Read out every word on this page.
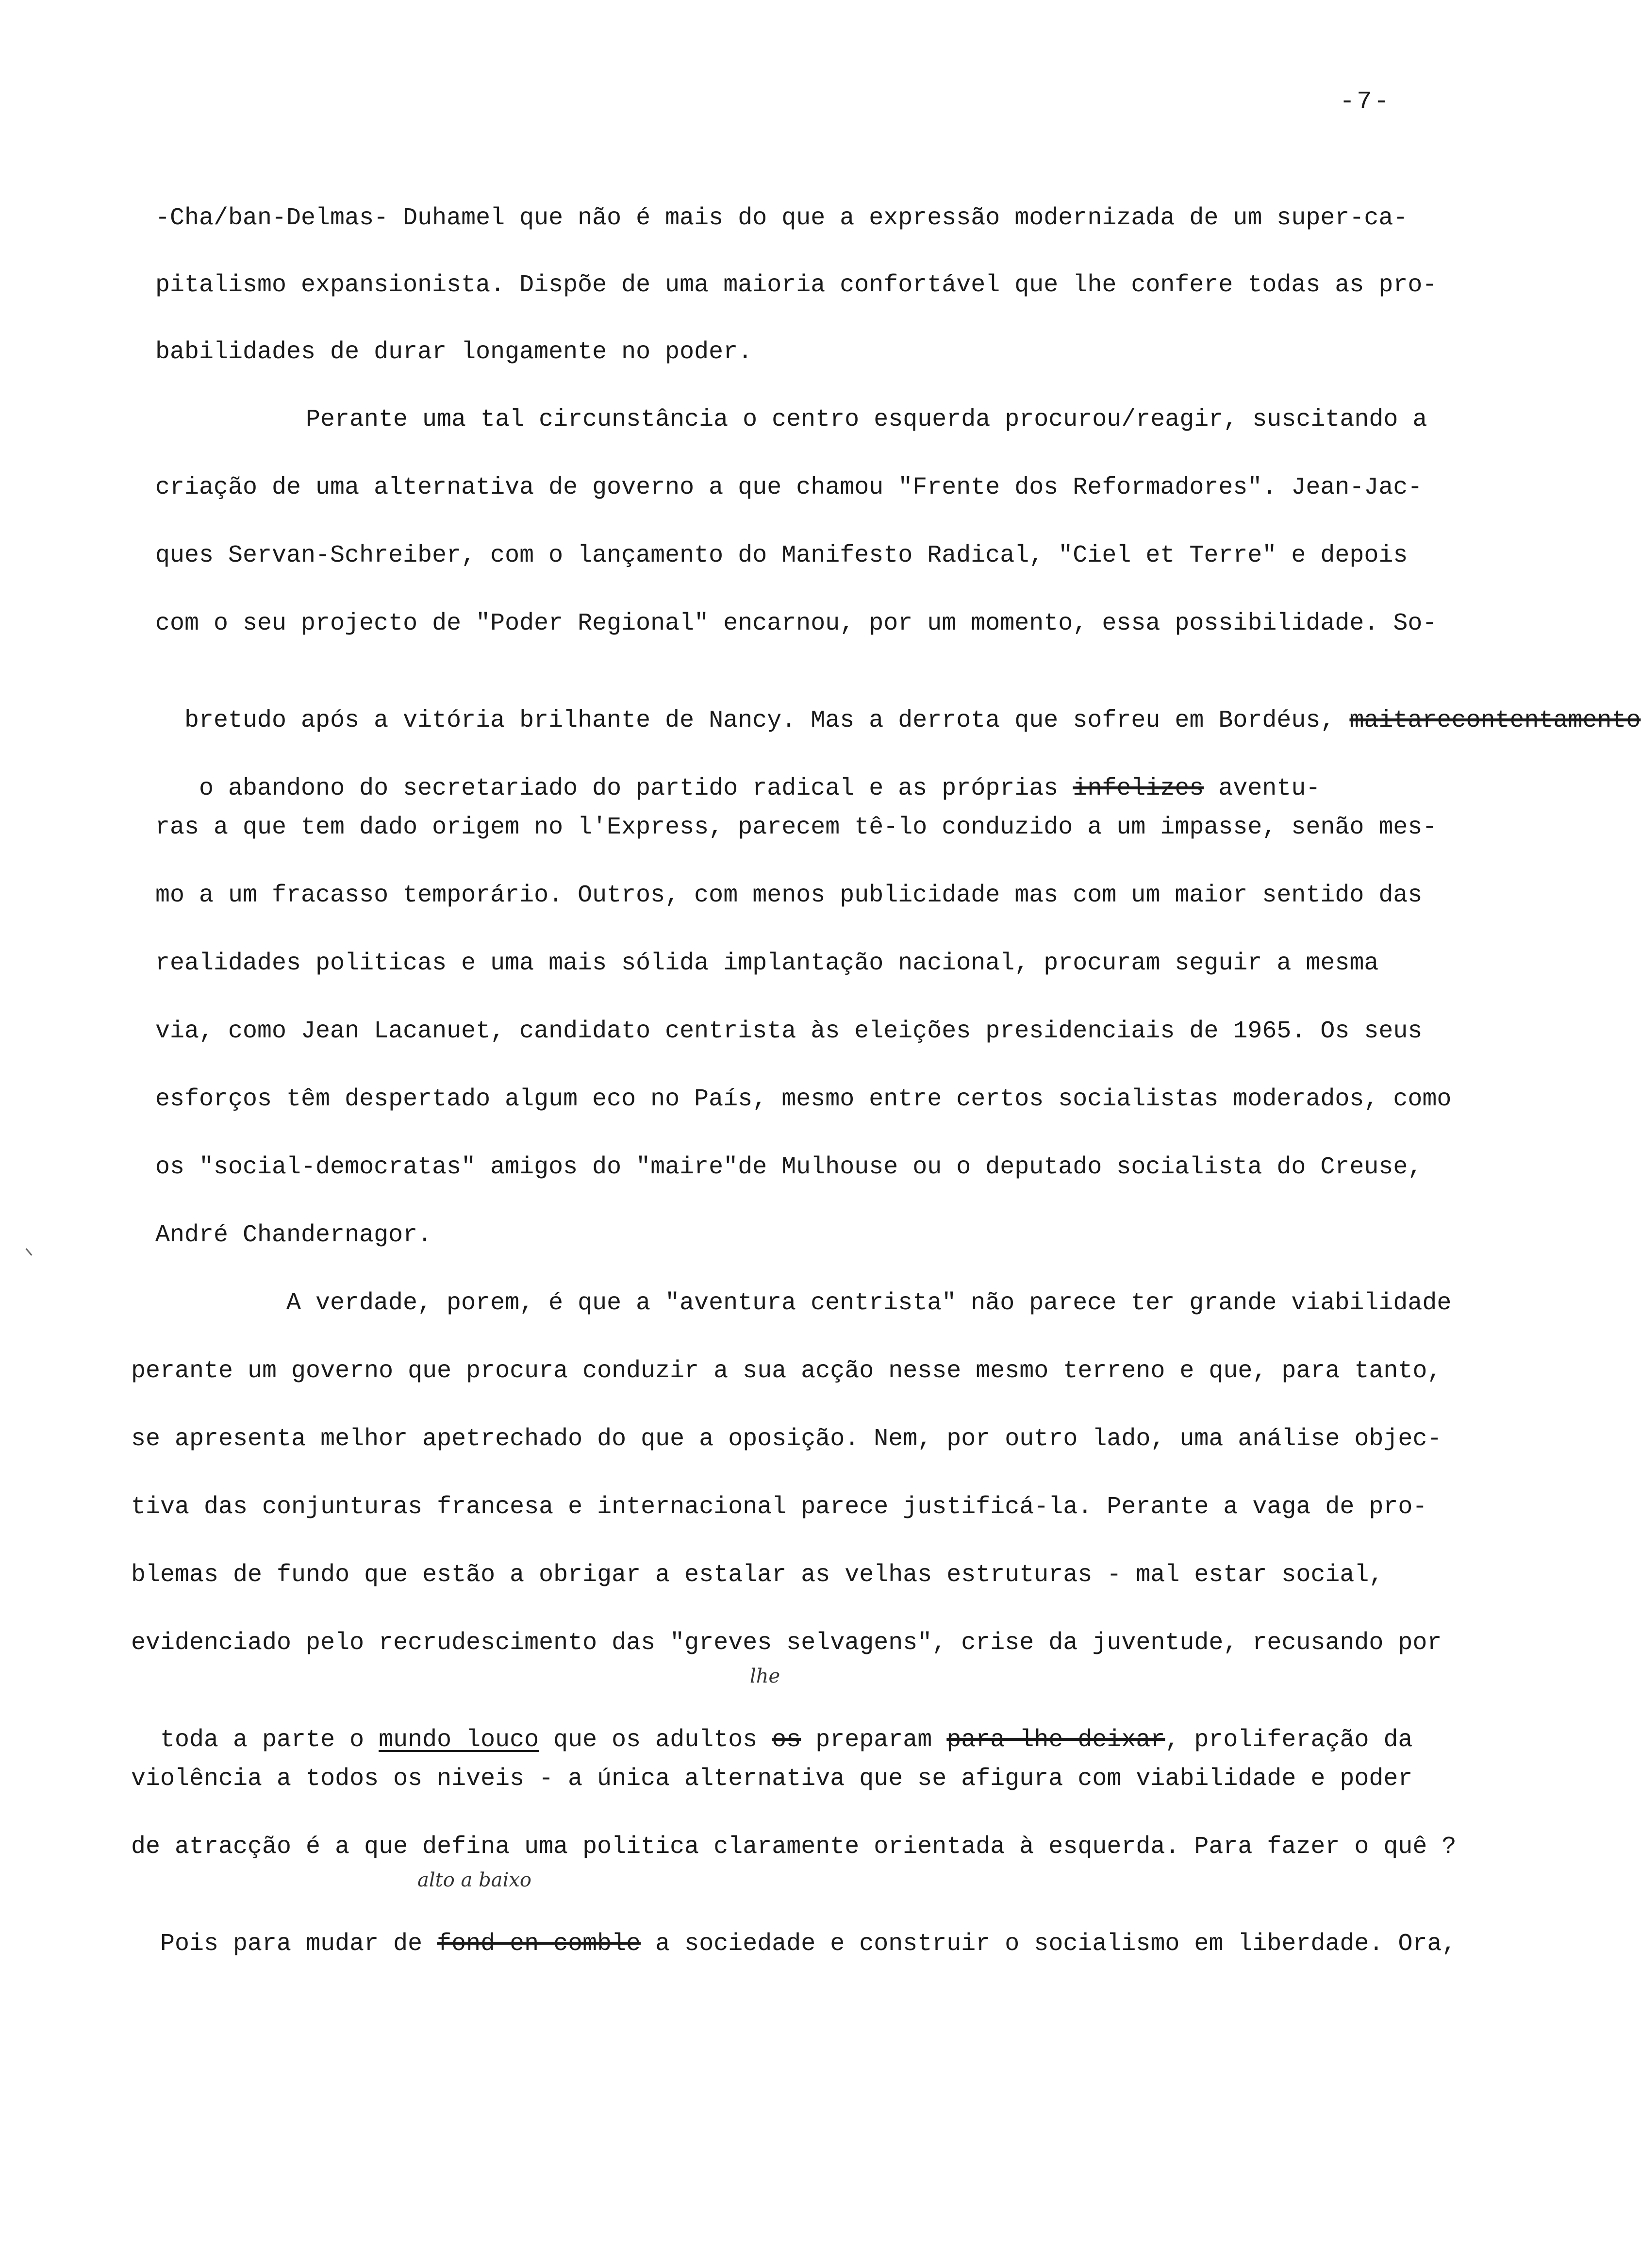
-7-
-Cha/ban-Delmas- Duhamel que não é mais do que a expressão modernizada de um super-ca-
pitalismo expansionista. Dispõe de uma maioria confortável que lhe confere todas as pro-
babilidades de durar longamente no poder.
Perante uma tal circunstância o centro esquerda procurou/reagir, suscitando a
criação de uma alternativa de governo a que chamou "Frente dos Reformadores". Jean-Jac-
ques Servan-Schreiber, com o lançamento do Manifesto Radical, "Ciel et Terre" e depois
com o seu projecto de "Poder Regional" encarnou, por um momento, essa possibilidade. So-

bretudo após a vitória brilhante de Nancy. Mas a derrota que sofreu em Bordéus, maitarecontentamento

o abandono do secretariado do partido radical e as próprias infelizes aventu-

ras a que tem dado origem no l'Express, parecem tê-lo conduzido a um impasse, senão mes-
mo a um fracasso temporário. Outros, com menos publicidade mas com um maior sentido das
realidades politicas e uma mais sólida implantação nacional, procuram seguir a mesma
via, como Jean Lacanuet, candidato centrista às eleições presidenciais de 1965. Os seus
esforços têm despertado algum eco no País, mesmo entre certos socialistas moderados, como
os "social-democratas" amigos do "maire"de Mulhouse ou o deputado socialista do Creuse,
André Chandernagor.
A verdade, porem, é que a "aventura centrista" não parece ter grande viabilidade
perante um governo que procura conduzir a sua acção nesse mesmo terreno e que, para tanto,
se apresenta melhor apetrechado do que a oposição. Nem, por outro lado, uma análise objec-
tiva das conjunturas francesa e internacional parece justificá-la. Perante a vaga de pro-
blemas de fundo que estão a obrigar a estalar as velhas estruturas - mal estar social,
evidenciado pelo recrudescimento das "greves selvagens", crise da juventude, recusando por
lhe

toda a parte o mundo louco que os adultos os preparam para lhe deixar, proliferação da

violência a todos os niveis - a única alternativa que se afigura com viabilidade e poder
de atracção é a que defina uma politica claramente orientada à esquerda. Para fazer o quê ?
alto a baixo

Pois para mudar de fond en comble a sociedade e construir o socialismo em liberdade. Ora,
